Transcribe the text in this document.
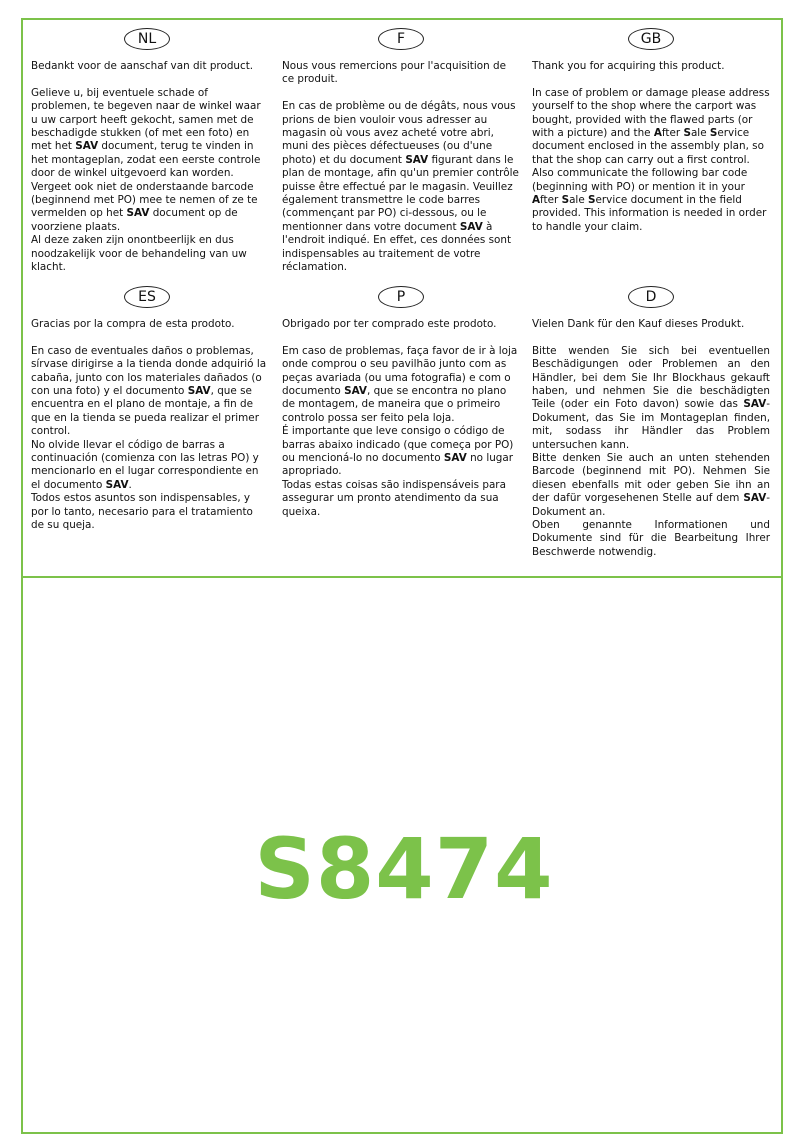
S8474
NL

Bedankt voor de aanschaf van dit product.

Gelieve u, bij eventuele schade of problemen, te begeven naar de winkel waar u uw carport heeft gekocht, samen met de beschadigde stukken (of met een foto) en met het SAV document, terug te vinden in het montageplan, zodat een eerste controle door de winkel uitgevoerd kan worden. Vergeet ook niet de onderstaande barcode (beginnend met PO) mee te nemen of ze te vermelden op het SAV document op de voorziene plaats.

Al deze zaken zijn onontbeerlijk en dus noodzakelijk voor de behandeling van uw klacht.

F

Nous vous remercions pour l'acquisition de ce produit.

En cas de problème ou de dégâts, nous vous prions de bien vouloir vous adresser au magasin où vous avez acheté votre abri, muni des pièces défectueuses (ou d'une photo) et du document SAV figurant dans le plan de montage, afin qu'un premier contrôle puisse être effectué par le magasin. Veuillez également transmettre le code barres (commençant par PO) ci-dessous, ou le mentionner dans votre document SAV à l'endroit indiqué. En effet, ces données sont indispensables au traitement de votre réclamation.

GB

Thank you for acquiring this product.

In case of problem or damage please address yourself to the shop where the carport was bought, provided with the flawed parts (or with a picture) and the After Sale Service document enclosed in the assembly plan, so that the shop can carry out a first control. Also communicate the following bar code (beginning with PO) or mention it in your After Sale Service document in the field provided. This information is needed in order to handle your claim.

ES

Gracias por la compra de esta prodoto.

En caso de eventuales daños o problemas, sírvase dirigirse a la tienda donde adquirió la cabaña, junto con los materiales dañados (o con una foto) y el documento SAV, que se encuentra en el plano de montaje, a fin de que en la tienda se pueda realizar el primer control.

No olvide llevar el código de barras a continuación (comienza con las letras PO) y mencionarlo en el lugar correspondiente en el documento SAV.

Todos estos asuntos son indispensables, y por lo tanto, necesario para el tratamiento de su queja.

P

Obrigado por ter comprado este prodoto.

Em caso de problemas, faça favor de ir à loja onde comprou o seu pavilhão junto com as peças avariada (ou uma fotografia) e com o documento SAV, que se encontra no plano de montagem, de maneira que o primeiro controlo possa ser feito pela loja.

É importante que leve consigo o código de barras abaixo indicado (que começa por PO) ou mencioná-lo no documento SAV no lugar apropriado.

Todas estas coisas são indispensáveis para assegurar um pronto atendimento da sua queixa.

D

Vielen Dank für den Kauf dieses Produkt.

Bitte wenden Sie sich bei eventuellen Beschädigungen oder Problemen an den Händler, bei dem Sie Ihr Blockhaus gekauft haben, und nehmen Sie die beschädigten Teile (oder ein Foto davon) sowie das SAV-Dokument, das Sie im Montageplan finden, mit, sodass ihr Händler das Problem untersuchen kann.

Bitte denken Sie auch an unten stehenden Barcode (beginnend mit PO). Nehmen Sie diesen ebenfalls mit oder geben Sie ihn an der dafür vorgesehenen Stelle auf dem SAV-Dokument an.

Oben genannte Informationen und Dokumente sind für die Bearbeitung Ihrer Beschwerde notwendig.
